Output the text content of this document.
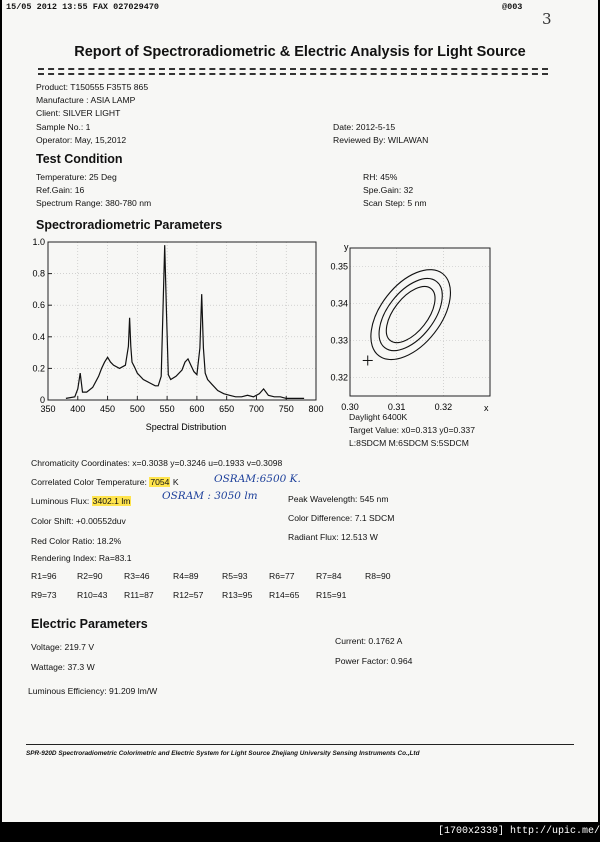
15/05 2012 13:55 FAX 027029470	@003
3
Report of Spectroradiometric & Electric Analysis for Light Source
Product: T150555 F35T5 865
Manufacture : ASIA LAMP
Client: SILVER LIGHT
Sample No.: 1
Operator: May, 15,2012
Date: 2012-5-15
Reviewed By: WILAWAN
Test Condition
Temperature: 25 Deg
Ref.Gain: 16
Spectrum Range: 380-780 nm
RH: 45%
Spe.Gain: 32
Scan Step: 5 nm
Spectroradiometric Parameters
0
0.2
0.4
0.6
0.8
1.0
350 400 450 500 550 600 650 700 750 800
Spectral Distribution
y
0.32
0.33
0.34
0.35
0.30	0.31	0.32	x
Daylight 6400K
Target Value: x0=0.313 y0=0.337
L:8SDCM M:6SDCM S:5SDCM
Chromaticity Coordinates: x=0.3038 y=0.3246 u=0.1933 v=0.3098
Correlated Color Temperature: 7054 K	OSRAM:6500 K.
Luminous Flux: 3402.1 lm	OSRAM : 3050 lm	Peak Wavelength: 545 nm
Color Shift: +0.00552duv	Color Difference: 7.1 SDCM
Red Color Ratio: 18.2%	Radiant Flux: 12.513 W
Rendering Index: Ra=83.1
R1=96 R2=90 R3=46	R4=89	R5=93 R6=77 R7=84	R8=90
R9=73 R10=43 R11=87 R12=57 R13=95 R14=65 R15=91
Electric Parameters
Voltage: 219.7 V
Wattage: 37.3 W
Current: 0.1762 A
Power Factor: 0.964
Luminous Efficiency: 91.209 lm/W
SPR-920D Spectroradiometric Colorimetric and Electric System for Light Source Zhejiang University Sensing Instruments Co.,Ltd
[1700x2339] http://upic.me/
